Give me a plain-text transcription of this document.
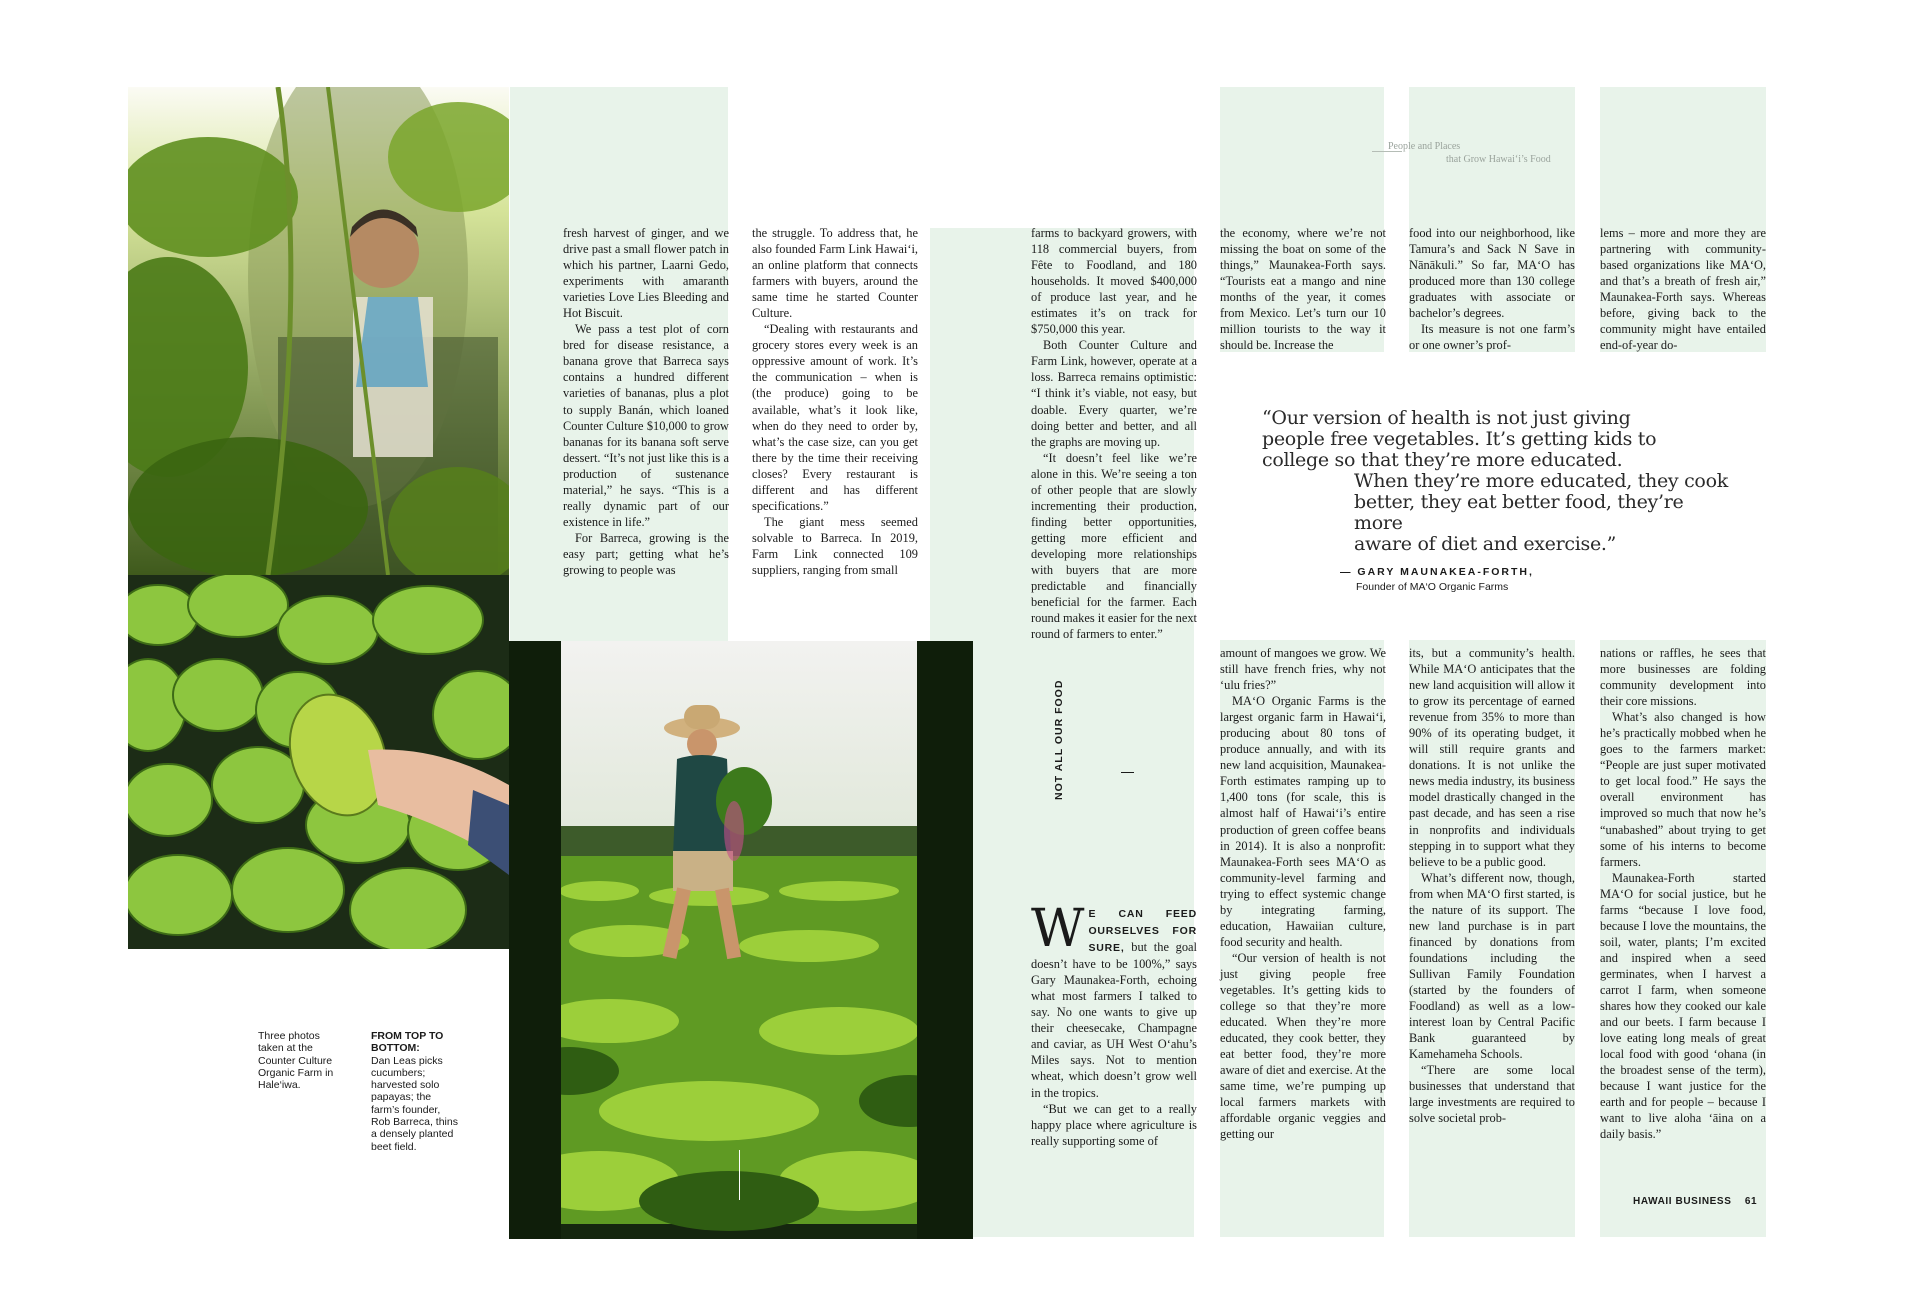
People and Places
that Grow Hawai‘i’s Food

fresh harvest of ginger, and we drive past a small flower patch in which his partner, Laarni Gedo, experiments with amaranth varieties Love Lies Bleeding and Hot Biscuit.

We pass a test plot of corn bred for disease resistance, a banana grove that Barreca says contains a hundred different varieties of bananas, plus a plot to supply Banán, which loaned Counter Culture $10,000 to grow bananas for its banana soft serve dessert. “It’s not just like this is a production of sustenance material,” he says. “This is a really dynamic part of our existence in life.”

For Barreca, growing is the easy part; getting what he’s growing to people was

the struggle. To address that, he also founded Farm Link Hawai‘i, an online platform that connects farmers with buyers, around the same time he started Counter Culture.

“Dealing with restaurants and grocery stores every week is an oppressive amount of work. It’s the communication – when is (the produce) going to be available, what’s it look like, when do they need to order by, what’s the case size, can you get there by the time their receiving closes? Every restaurant is different and has different specifications.”

The giant mess seemed solvable to Barreca. In 2019, Farm Link connected 109 suppliers, ranging from small

farms to backyard growers, with 118 commercial buyers, from Fête to Foodland, and 180 households. It moved $400,000 of produce last year, and he estimates it’s on track for $750,000 this year.

Both Counter Culture and Farm Link, however, operate at a loss. Barreca remains optimistic: “I think it’s viable, not easy, but doable. Every quarter, we’re doing better and better, and all the graphs are moving up.

“It doesn’t feel like we’re alone in this. We’re seeing a ton of other people that are slowly incrementing their production, finding better opportunities, getting more efficient and developing more relationships with buyers that are more predictable and financially beneficial for the farmer. Each round makes it easier for the next round of farmers to enter.”

NOT ALL OUR FOOD
W E CAN FEED OURSELVES FOR SURE, but the goal doesn’t have to be 100%,” says Gary Maunakea-Forth, echoing what most farmers I talked to say. No one wants to give up their cheesecake, Champagne and caviar, as UH West O‘ahu’s Miles says. Not to mention wheat, which doesn’t grow well in the tropics.

“But we can get to a really happy place where agriculture is really supporting some of

the economy, where we’re not missing the boat on some of the things,” Maunakea-Forth says. “Tourists eat a mango and nine months of the year, it comes from Mexico. Let’s turn our 10 million tourists to the way it should be. Increase the

food into our neighborhood, like Tamura’s and Sack N Save in Nānākuli.” So far, MA‘O has produced more than 130 college graduates with associate or bachelor’s degrees.

Its measure is not one farm’s or one owner’s prof-

lems – more and more they are partnering with community-based organizations like MA‘O, and that’s a breath of fresh air,” Maunakea-Forth says. Whereas before, giving back to the community might have entailed end-of-year do-

“Our version of health is not just giving
people free vegetables. It’s getting kids to
college so that they’re more educated.
When they’re more educated, they cook
better, they eat better food, they’re more
aware of diet and exercise.”
— GARY MAUNAKEA-FORTH,
Founder of MA‘O Organic Farms

amount of mangoes we grow. We still have french fries, why not ‘ulu fries?”

MA‘O Organic Farms is the largest organic farm in Hawai‘i, producing about 80 tons of produce annually, and with its new land acquisition, Maunakea-Forth estimates ramping up to 1,400 tons (for scale, this is almost half of Hawai‘i’s entire production of green coffee beans in 2014). It is also a nonprofit: Maunakea-Forth sees MA‘O as community-level farming and trying to effect systemic change by integrating farming, education, Hawaiian culture, food security and health.

“Our version of health is not just giving people free vegetables. It’s getting kids to college so that they’re more educated. When they’re more educated, they cook better, they eat better food, they’re more aware of diet and exercise. At the same time, we’re pumping up local farmers markets with affordable organic veggies and getting our

its, but a community’s health. While MA‘O anticipates that the new land acquisition will allow it to grow its percentage of earned revenue from 35% to more than 90% of its operating budget, it will still require grants and donations. It is not unlike the news media industry, its business model drastically changed in the past decade, and has seen a rise in nonprofits and individuals stepping in to support what they believe to be a public good.

What’s different now, though, from when MA‘O first started, is the nature of its support. The new land purchase is in part financed by donations from foundations including the Sullivan Family Foundation (started by the founders of Foodland) as well as a low-interest loan by Central Pacific Bank guaranteed by Kamehameha Schools.

“There are some local businesses that understand that large investments are required to solve societal prob-

nations or raffles, he sees that more businesses are folding community development into their core missions.

What’s also changed is how he’s practically mobbed when he goes to the farmers market: “People are just super motivated to get local food.” He says the overall environment has improved so much that now he’s “unabashed” about trying to get some of his interns to become farmers.

Maunakea-Forth started MA‘O for social justice, but he farms “because I love food, because I love the mountains, the soil, water, plants; I’m excited and inspired when a seed germinates, when I harvest a carrot I farm, when someone shares how they cooked our kale and our beets. I farm because I love eating long meals of great local food with good ‘ohana (in the broadest sense of the term), because I want justice for the earth and for people – because I want to live aloha ‘āina on a daily basis.”

Three photos taken at the Counter Culture Organic Farm in Hale‘iwa.
FROM TOP TO BOTTOM:
Dan Leas picks cucumbers; harvested solo papayas; the farm’s founder, Rob Barreca, thins a densely planted beet field.
HAWAII BUSINESS 61
